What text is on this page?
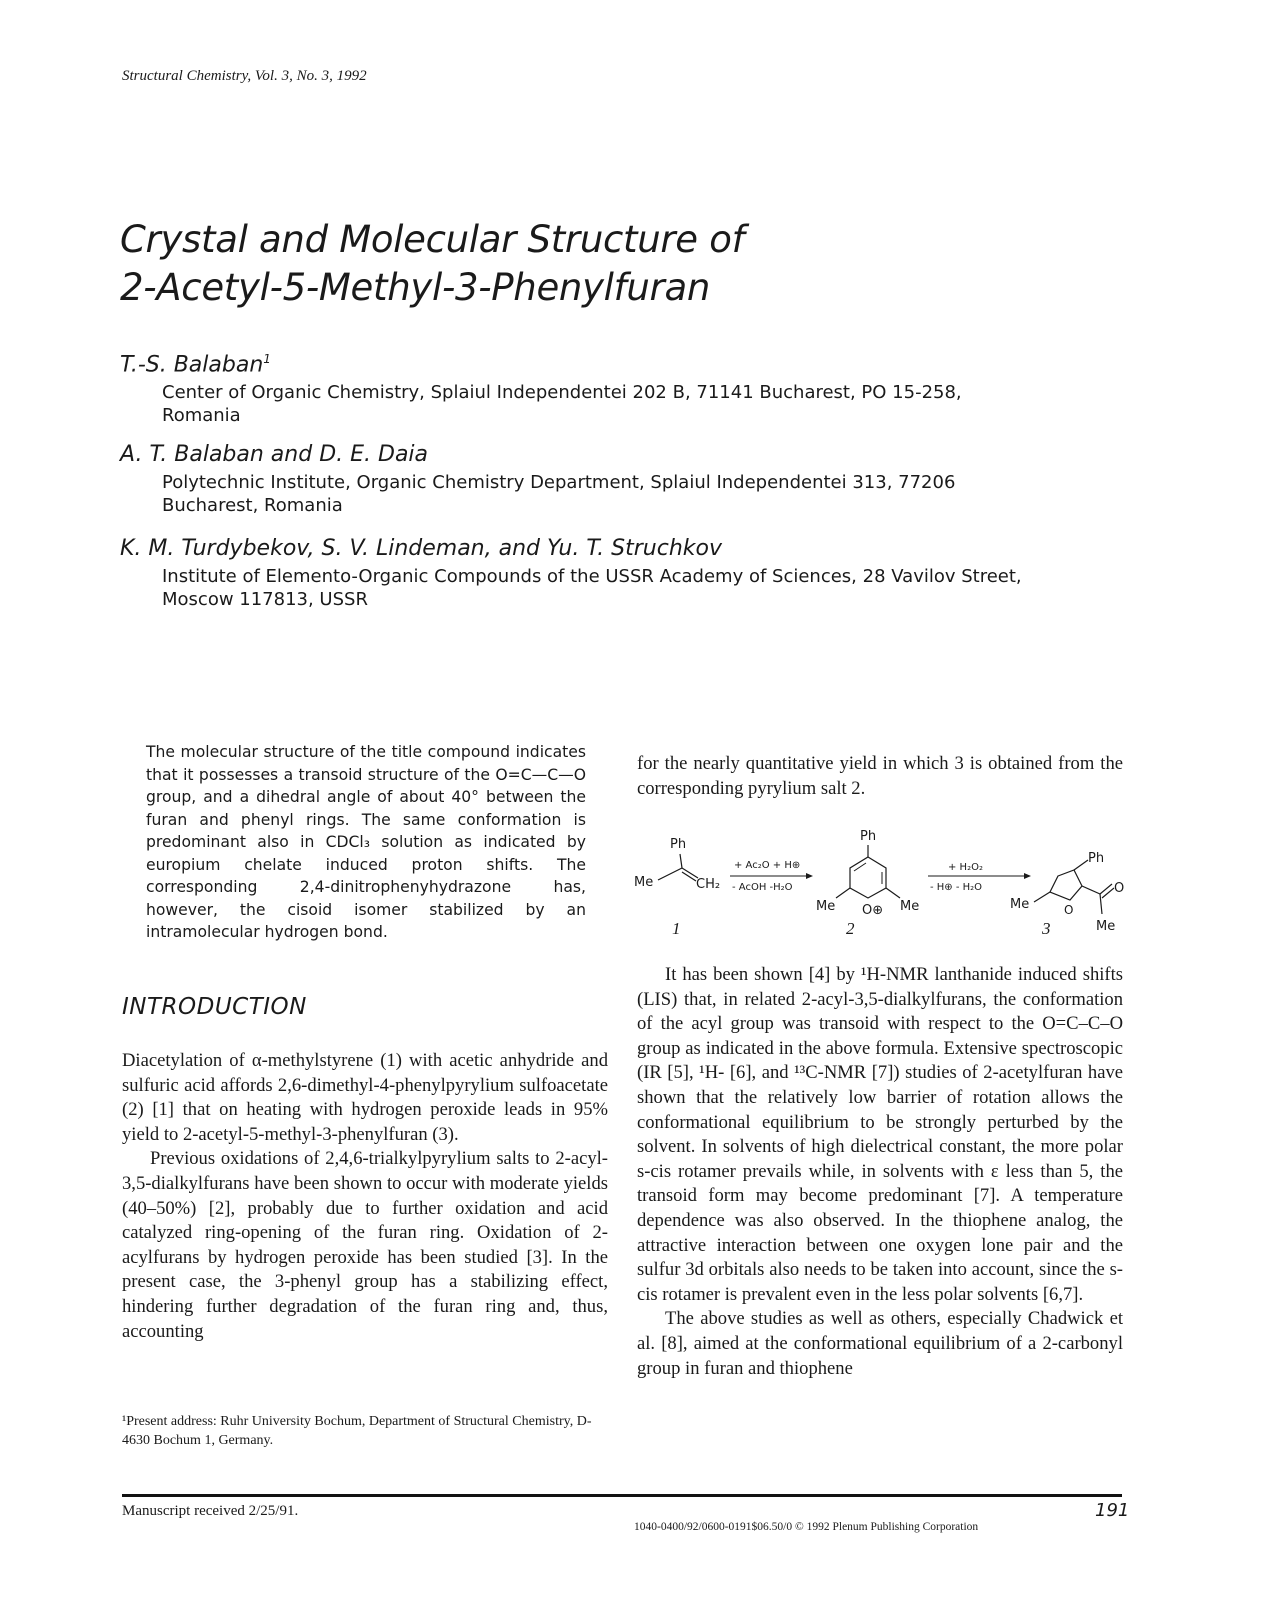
Structural Chemistry, Vol. 3, No. 3, 1992
Crystal and Molecular Structure of
2-Acetyl-5-Methyl-3-Phenylfuran
T.-S. Balaban$^1$
Center of Organic Chemistry, Splaiul Independentei 202 B, 71141 Bucharest, PO 15-258,
Romania
A. T. Balaban and D. E. Daia
Polytechnic Institute, Organic Chemistry Department, Splaiul Independentei 313, 77206
Bucharest, Romania
K. M. Turdybekov, S. V. Lindeman, and Yu. T. Struchkov
Institute of Elemento-Organic Compounds of the USSR Academy of Sciences, 28 Vavilov Street,
Moscow 117813, USSR
The molecular structure of the title compound indicates that it possesses a transoid structure of the O=C—C—O group, and a dihedral angle of about 40° between the furan and phenyl rings. The same conformation is predominant also in CDCl₃ solution as indicated by europium chelate induced proton shifts. The corresponding 2,4-dinitrophenyhydrazone has, however, the cisoid isomer stabilized by an intramolecular hydrogen bond.
INTRODUCTION

Diacetylation of α-methylstyrene (1) with acetic anhydride and sulfuric acid affords 2,6-dimethyl-4-phenylpyrylium sulfoacetate (2) [1] that on heating with hydrogen peroxide leads in 95% yield to 2-acetyl-5-methyl-3-phenylfuran (3).

Previous oxidations of 2,4,6-trialkylpyrylium salts to 2-acyl-3,5-dialkylfurans have been shown to occur with moderate yields (40–50%) [2], probably due to further oxidation and acid catalyzed ring-opening of the furan ring. Oxidation of 2-acylfurans by hydrogen peroxide has been studied [3]. In the present case, the 3-phenyl group has a stabilizing effect, hindering further degradation of the furan ring and, thus, accounting

for the nearly quantitative yield in which 3 is obtained from the corresponding pyrylium salt 2.

Ph
Me	CH₂
+ Ac₂O + H⊕
- AcOH -H₂O
Ph
Me O⊕ Me
+ H₂O₂
- H⊕ - H₂O
Ph
O
Me
Me	O
1	2	3

It has been shown [4] by ¹H-NMR lanthanide induced shifts (LIS) that, in related 2-acyl-3,5-dialkylfurans, the conformation of the acyl group was transoid with respect to the O=C–C–O group as indicated in the above formula. Extensive spectroscopic (IR [5], ¹H- [6], and ¹³C-NMR [7]) studies of 2-acetylfuran have shown that the relatively low barrier of rotation allows the conformational equilibrium to be strongly perturbed by the solvent. In solvents of high dielectrical constant, the more polar s-cis rotamer prevails while, in solvents with ε less than 5, the transoid form may become predominant [7]. A temperature dependence was also observed. In the thiophene analog, the attractive interaction between one oxygen lone pair and the sulfur 3d orbitals also needs to be taken into account, since the s-cis rotamer is prevalent even in the less polar solvents [6,7].

The above studies as well as others, especially Chadwick et al. [8], aimed at the conformational equilibrium of a 2-carbonyl group in furan and thiophene

¹Present address: Ruhr University Bochum, Department of Structural Chemistry, D-4630 Bochum 1, Germany.
Manuscript received 2/25/91.	191
1040-0400/92/0600-0191$06.50/0 © 1992 Plenum Publishing Corporation
